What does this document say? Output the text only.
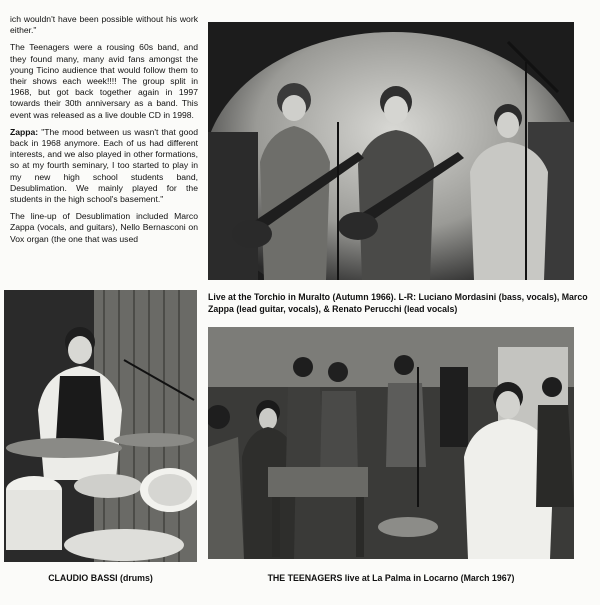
ich wouldn't have been possible without his work either."

The Teenagers were a rousing 60s band, and they found many, many avid fans amongst the young Ticino audience that would follow them to their shows each week!!!! The group split in 1968, but got back together again in 1997 towards their 30th anniversary as a band. This event was released as a live double CD in 1998.

Zappa: "The mood between us wasn't that good back in 1968 anymore. Each of us had different interests, and we also played in other formations, so at my fourth seminary, I too started to play in my new high school students band, Desublimation. We mainly played for the students in the high school's basement."

The line-up of Desublimation included Marco Zappa (vocals, and guitars), Nello Bernasconi on Vox organ (the one that was used

Live at the Torchio in Muralto (Autumn 1966). L-R: Luciano Mordasini (bass, vocals), Marco Zappa (lead guitar, vocals), & Renato Perucchi (lead vocals)
CLAUDIO BASSI (drums)	THE TEENAGERS live at La Palma in Locarno (March 1967)
